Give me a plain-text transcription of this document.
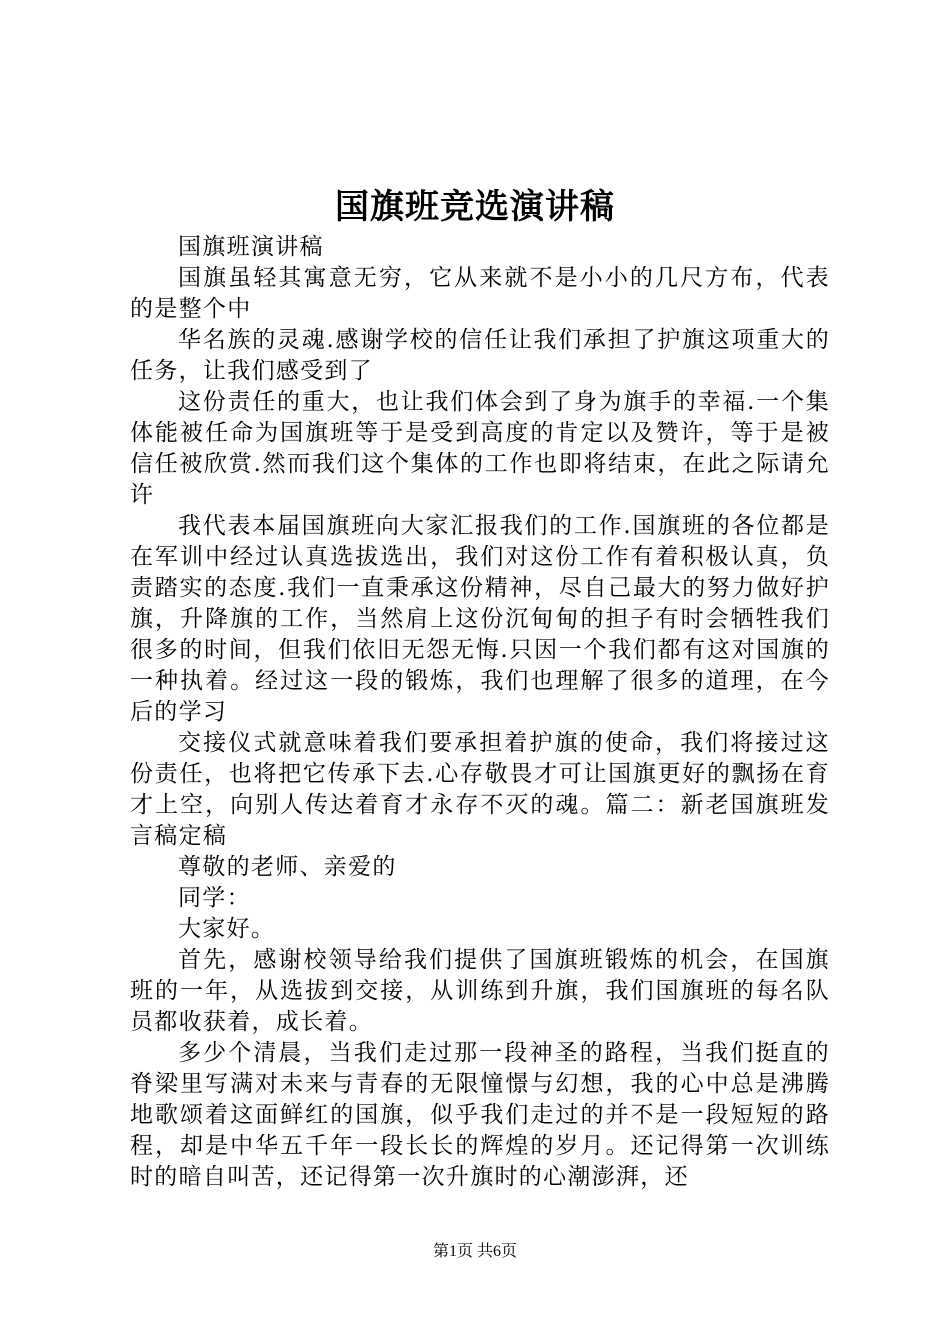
国旗班竞选演讲稿

国旗班演讲稿

国旗虽轻其寓意无穷，它从来就不是小小的几尺方布，代表的是整个中

华名族的灵魂.感谢学校的信任让我们承担了护旗这项重大的任务，让我们感受到了

这份责任的重大，也让我们体会到了身为旗手的幸福.一个集体能被任命为国旗班等于是受到高度的肯定以及赞许，等于是被信任被欣赏.然而我们这个集体的工作也即将结束，在此之际请允许

我代表本届国旗班向大家汇报我们的工作.国旗班的各位都是在军训中经过认真选拔选出，我们对这份工作有着积极认真，负责踏实的态度.我们一直秉承这份精神，尽自己最大的努力做好护旗，升降旗的工作，当然肩上这份沉甸甸的担子有时会牺牲我们很多的时间，但我们依旧无怨无悔.只因一个我们都有这对国旗的一种执着。经过这一段的锻炼，我们也理解了很多的道理，在今后的学习

交接仪式就意味着我们要承担着护旗的使命，我们将接过这份责任，也将把它传承下去.心存敬畏才可让国旗更好的飘扬在育才上空，向别人传达着育才永存不灭的魂。篇二：新老国旗班发言稿定稿

尊敬的老师、亲爱的

同学：

大家好。

首先，感谢校领导给我们提供了国旗班锻炼的机会，在国旗班的一年，从选拔到交接，从训练到升旗，我们国旗班的每名队员都收获着，成长着。

多少个清晨，当我们走过那一段神圣的路程，当我们挺直的脊梁里写满对未来与青春的无限憧憬与幻想，我的心中总是沸腾地歌颂着这面鲜红的国旗，似乎我们走过的并不是一段短短的路程，却是中华五千年一段长长的辉煌的岁月。还记得第一次训练时的暗自叫苦，还记得第一次升旗时的心潮澎湃，还

第1页 共6页
